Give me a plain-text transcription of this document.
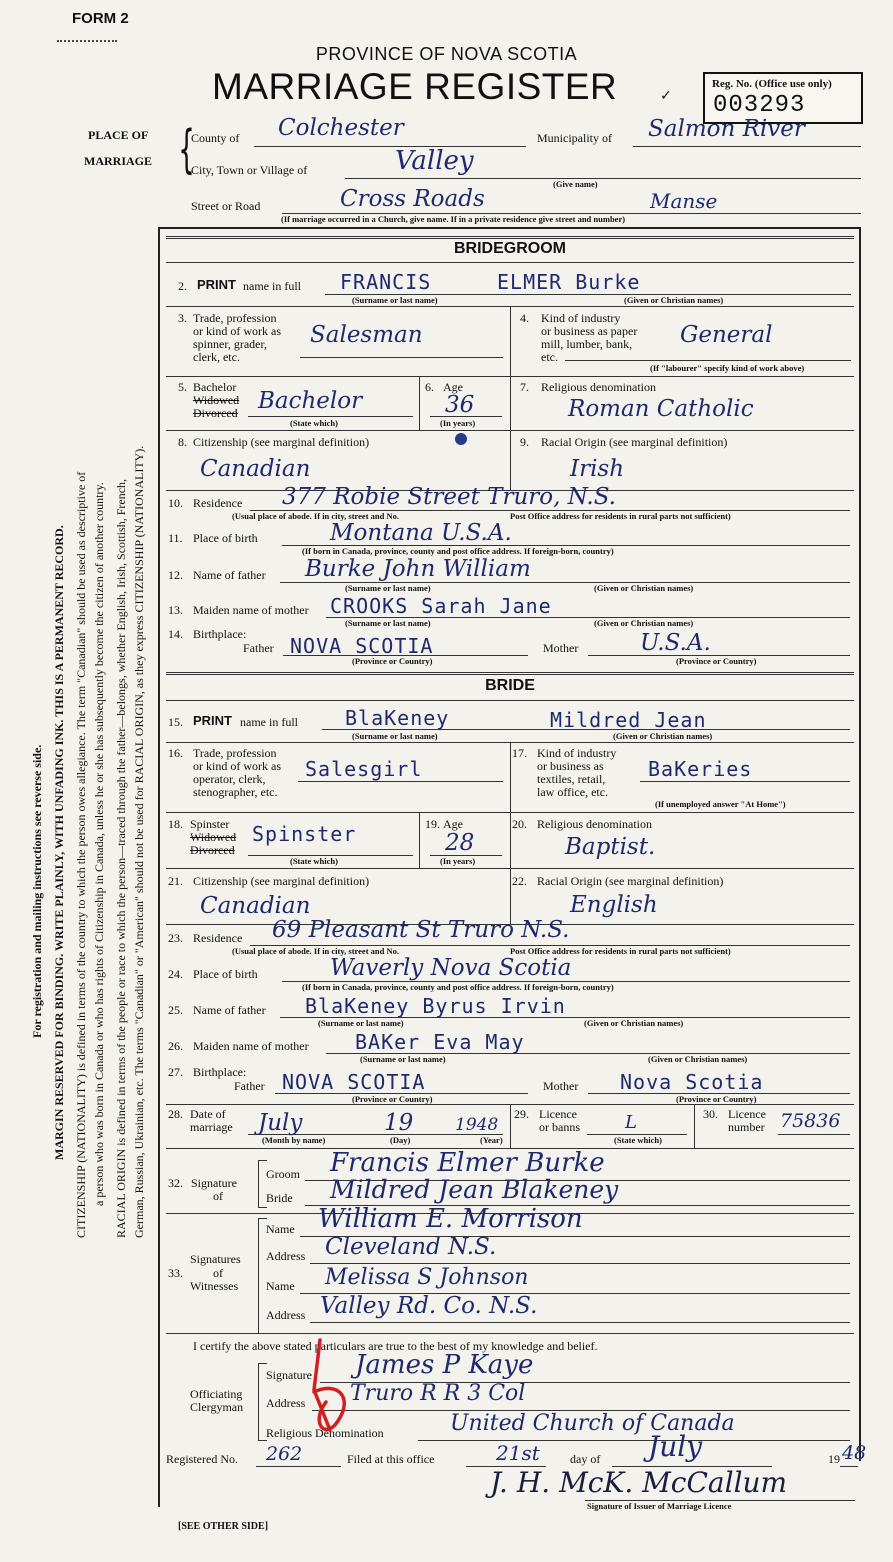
FORM 2
PROVINCE OF NOVA SCOTIA
MARRIAGE REGISTER	✓
Reg. No. (Office use only)
003293
For registration and mailing instructions see reverse side. MARGIN RESERVED FOR BINDING. WRITE PLAINLY, WITH UNFADING INK. THIS IS A PERMANENT RECORD. CITIZENSHIP (NATIONALITY) is defined in terms of the country to which the person owes allegiance. The term "Canadian" should be used as descriptive of a person who was born in Canada or who has rights of Citizenship in Canada, unless he or she has subsequently become the citizen of another country. RACIAL ORIGIN is defined in terms of the people or race to which the person—traced through the father—belongs, whether English, Irish, Scottish, French, German, Russian, Ukrainian, etc. The terms "Canadian" or "American" should not be used for RACIAL ORIGIN, as they express CITIZENSHIP (NATIONALITY).
PLACE OF
MARRIAGE {
County of Colchester	Municipality of Salmon River
City, Town or Village of	Valley
(Give name)
Street or Road	Cross Roads	Manse
(If marriage occurred in a Church, give name. If in a private residence give street and number)
BRIDEGROOM
2. PRINT name in full FRANCIS	ELMER Burke
(Surname or last name)	(Given or Christian names)
3. Trade, profession
or kind of work as
spinner, grader,
clerk, etc.
Salesman
4. Kind of industry
or business as paper
mill, lumber, bank,
etc.
General
(If "labourer" specify kind of work above)
5. Bachelor
Widowed
Divorced Bachelor
(State which)
6. Age
36
(In years)
7. Religious denomination
Roman Catholic
8. Citizenship (see marginal definition)
Canadian
9. Racial Origin (see marginal definition)
Irish
10. Residence 377 Robie Street Truro, N.S.
(Usual place of abode. If in city, street and No.	Post Office address for residents in rural parts not sufficient)
11. Place of birth	Montana U.S.A.
(If born in Canada, province, county and post office address. If foreign-born, country)
12. Name of father Burke John William
(Surname or last name)	(Given or Christian names)
13. Maiden name of mother CROOKS Sarah Jane
(Surname or last name)	(Given or Christian names)
14. Birthplace:
Father NOVA SCOTIA
(Province or Country)
Mother	U.S.A.
(Province or Country)
BRIDE
15. PRINT name in full BlaKeney	Mildred Jean
(Surname or last name)	(Given or Christian names)
16. Trade, profession
or kind of work as
operator, clerk,
stenographer, etc.
Salesgirl
17. Kind of industry
or business as
textiles, retail,
law office, etc.
BaKeries
(If unemployed answer "At Home")
18. Spinster
Widowed
Divorced
Spinster
(State which)
19. Age
28
(In years)
20. Religious denomination
Baptist.
21. Citizenship (see marginal definition)
Canadian
22. Racial Origin (see marginal definition)
English
23. Residence 69 Pleasant St Truro N.S.
(Usual place of abode. If in city, street and No.	Post Office address for residents in rural parts not sufficient)
24. Place of birth	Waverly Nova Scotia
(If born in Canada, province, county and post office address. If foreign-born, country)
25. Name of father BlaKeney Byrus Irvin
(Surname or last name)	(Given or Christian names)
26. Maiden name of mother BAKer Eva May
(Surname or last name)	(Given or Christian names)
27. Birthplace:
Father NOVA SCOTIA
(Province or Country)
Mother Nova Scotia
(Province or Country)
28. Date of
marriage July	19 1948
(Month by name)	(Day)	(Year)
29. Licence
or banns	L
(State which)
30. Licence
number 75836
32. Signature
of
Groom Francis Elmer Burke
Bride Mildred Jean Blakeney
Signatures
33.	of
Witnesses
Name William E. Morrison
Address Cleveland N.S.
Name Melissa S Johnson
Address Valley Rd. Co. N.S.
I certify the above stated particulars are true to the best of my knowledge and belief.
Officiating
Clergyman
Signature James P Kaye
Address Truro R R 3 Col
Religious Denomination	United Church of Canada
Registered No. 262	Filed at this office	21st	day of July	19 48
J. H. McK. McCallum
Signature of Issuer of Marriage Licence
[SEE OTHER SIDE]
